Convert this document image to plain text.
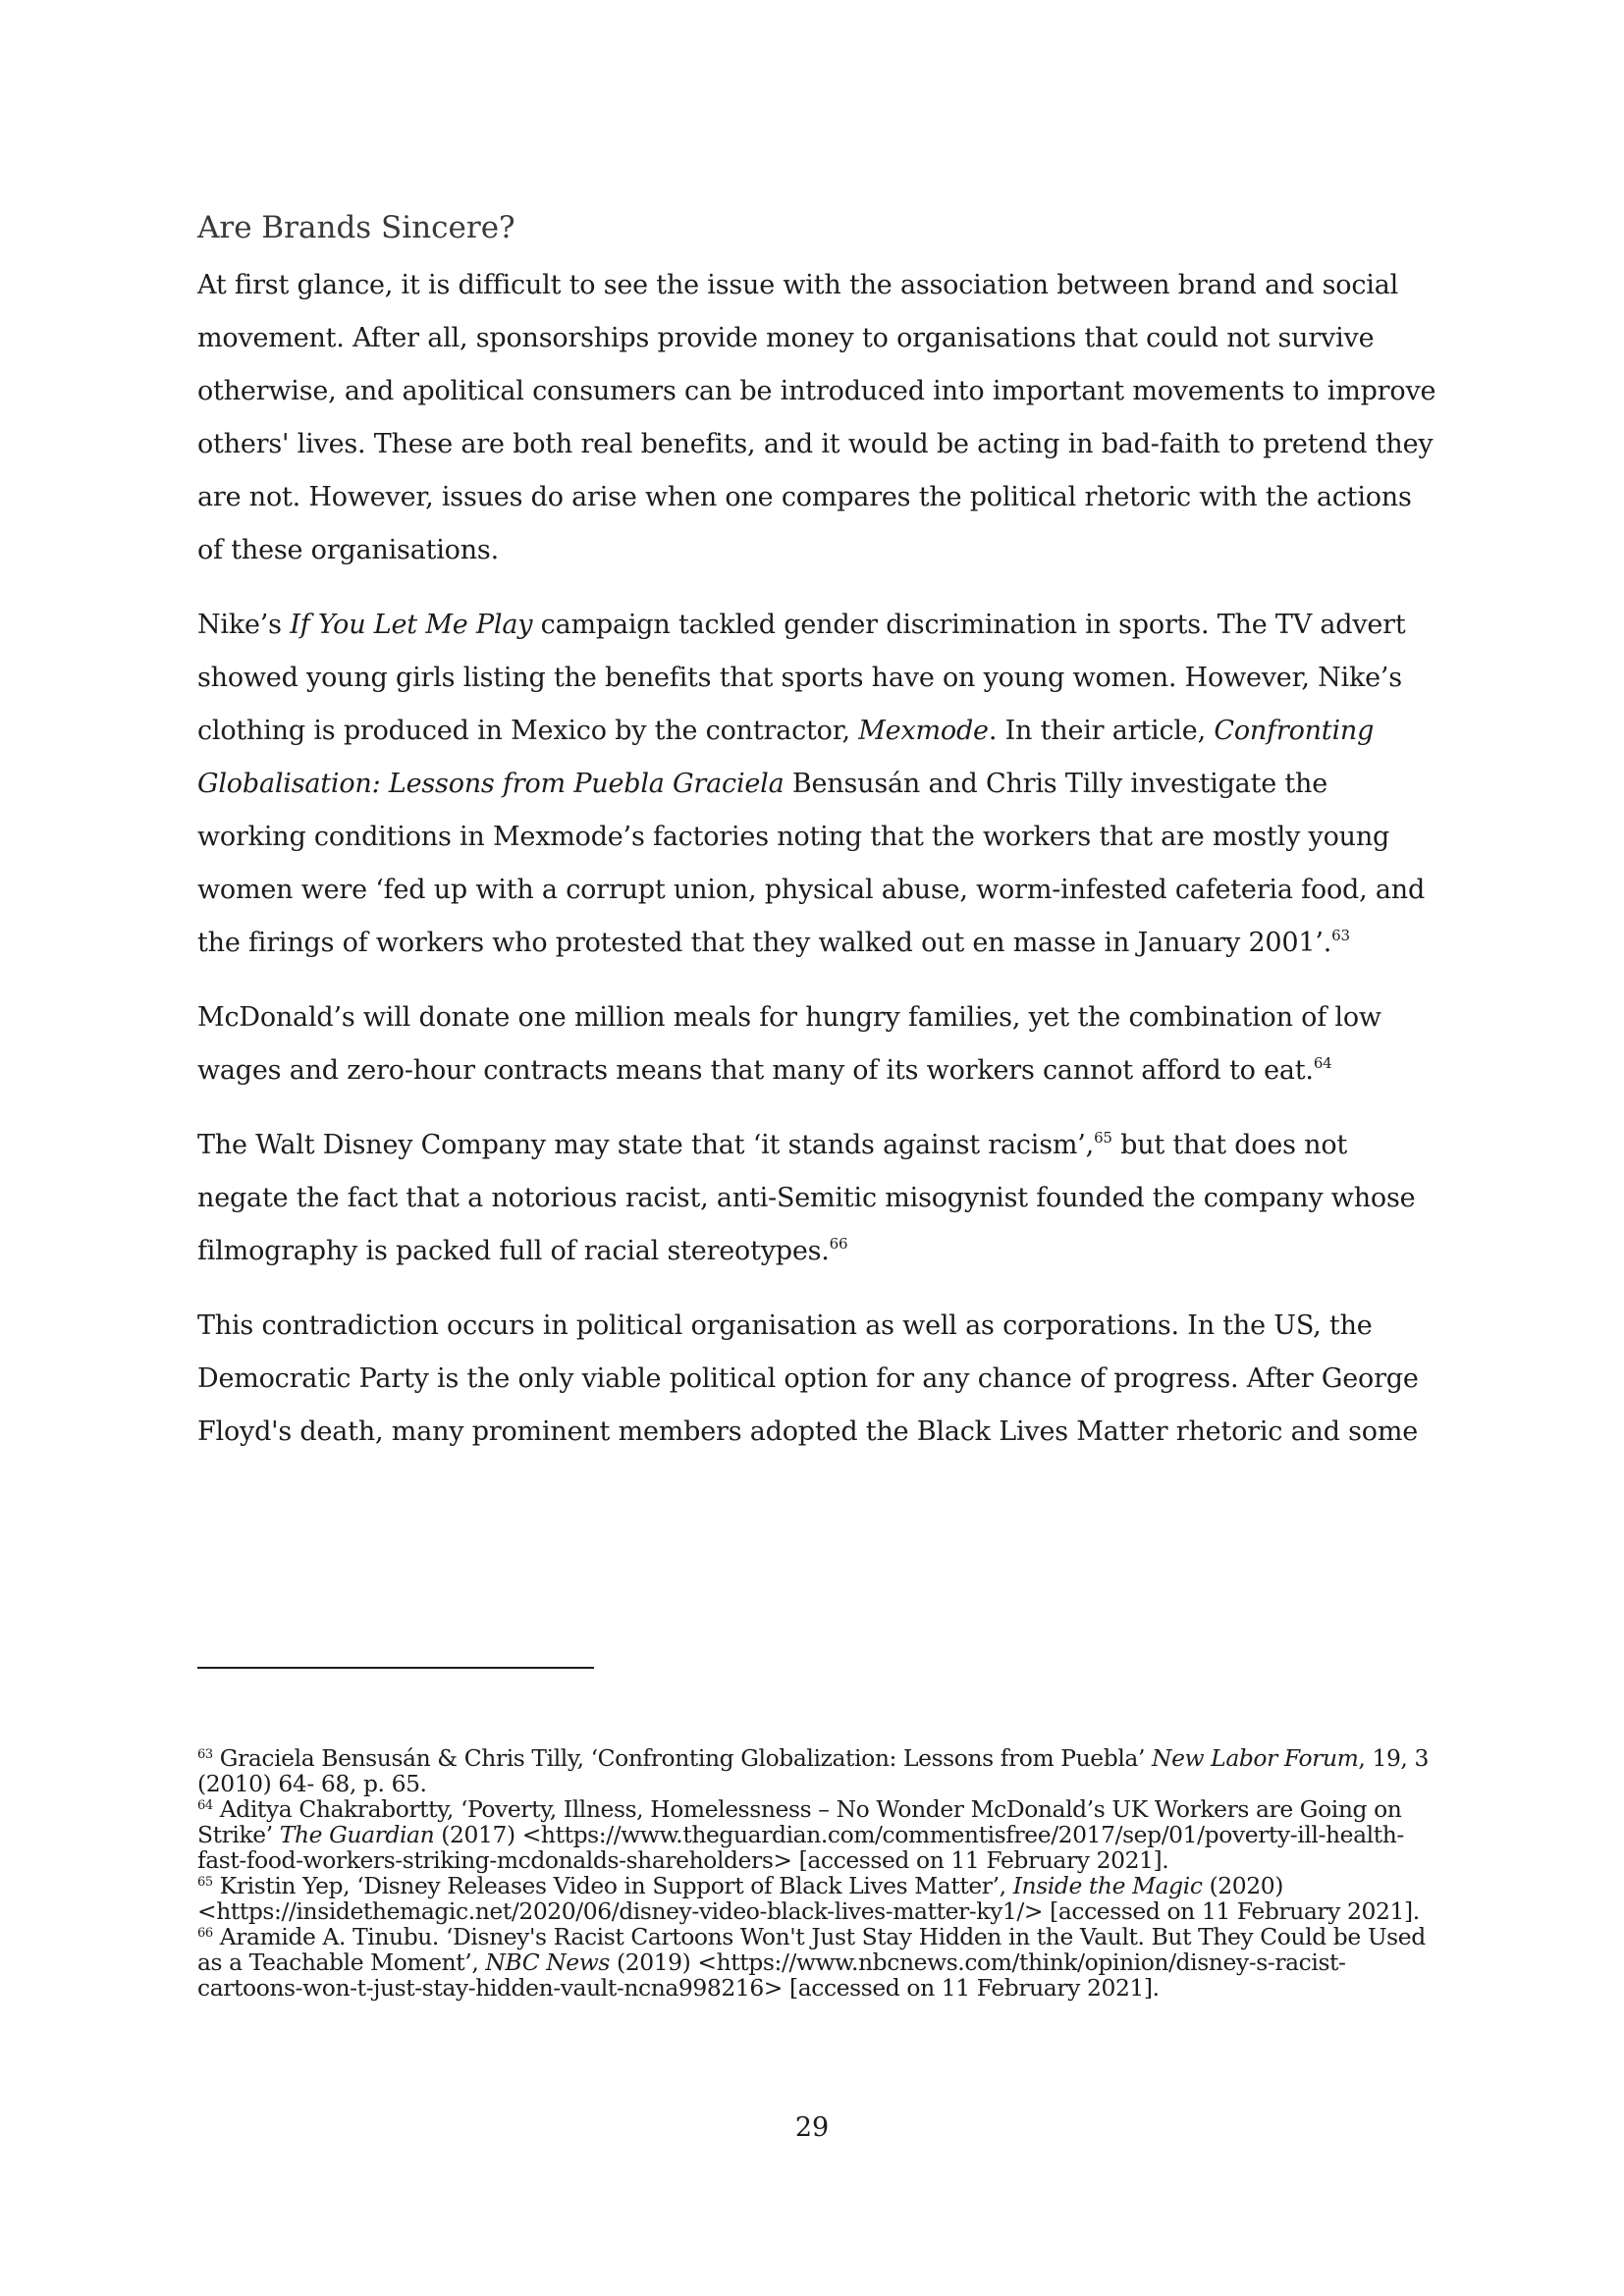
Are Brands Sincere?

At first glance, it is difficult to see the issue with the association between brand and social movement. After all, sponsorships provide money to organisations that could not survive otherwise, and apolitical consumers can be introduced into important movements to improve others' lives. These are both real benefits, and it would be acting in bad-faith to pretend they are not. However, issues do arise when one compares the political rhetoric with the actions of these organisations.

Nike’s If You Let Me Play campaign tackled gender discrimination in sports. The TV advert showed young girls listing the benefits that sports have on young women. However, Nike’s clothing is produced in Mexico by the contractor, Mexmode. In their article, Confronting Globalisation: Lessons from Puebla Graciela Bensusán and Chris Tilly investigate the working conditions in Mexmode’s factories noting that the workers that are mostly young women were ‘fed up with a corrupt union, physical abuse, worm-infested cafeteria food, and the firings of workers who protested that they walked out en masse in January 2001’.$^{63}$

McDonald’s will donate one million meals for hungry families, yet the combination of low wages and zero-hour contracts means that many of its workers cannot afford to eat.$^{64}$

The Walt Disney Company may state that ‘it stands against racism’,$^{65}$ but that does not negate the fact that a notorious racist, anti-Semitic misogynist founded the company whose filmography is packed full of racial stereotypes.$^{66}$

This contradiction occurs in political organisation as well as corporations. In the US, the Democratic Party is the only viable political option for any chance of progress. After George Floyd's death, many prominent members adopted the Black Lives Matter rhetoric and some

$^{63}$ Graciela Bensusán & Chris Tilly, ‘Confronting Globalization: Lessons from Puebla’ New Labor Forum, 19, 3 (2010) 64- 68, p. 65.

$^{64}$ Aditya Chakrabortty, ‘Poverty, Illness, Homelessness – No Wonder McDonald’s UK Workers are Going on Strike’ The Guardian (2017) <https://www.theguardian.com/commentisfree/2017/sep/01/poverty-ill-health-fast-food-workers-striking-mcdonalds-shareholders> [accessed on 11 February 2021].

$^{65}$ Kristin Yep, ‘Disney Releases Video in Support of Black Lives Matter’, Inside the Magic (2020) <https://insidethemagic.net/2020/06/disney-video-black-lives-matter-ky1/> [accessed on 11 February 2021].

$^{66}$ Aramide A. Tinubu. ‘Disney's Racist Cartoons Won't Just Stay Hidden in the Vault. But They Could be Used as a Teachable Moment’, NBC News (2019) <https://www.nbcnews.com/think/opinion/disney-s-racist-cartoons-won-t-just-stay-hidden-vault-ncna998216> [accessed on 11 February 2021].

29
